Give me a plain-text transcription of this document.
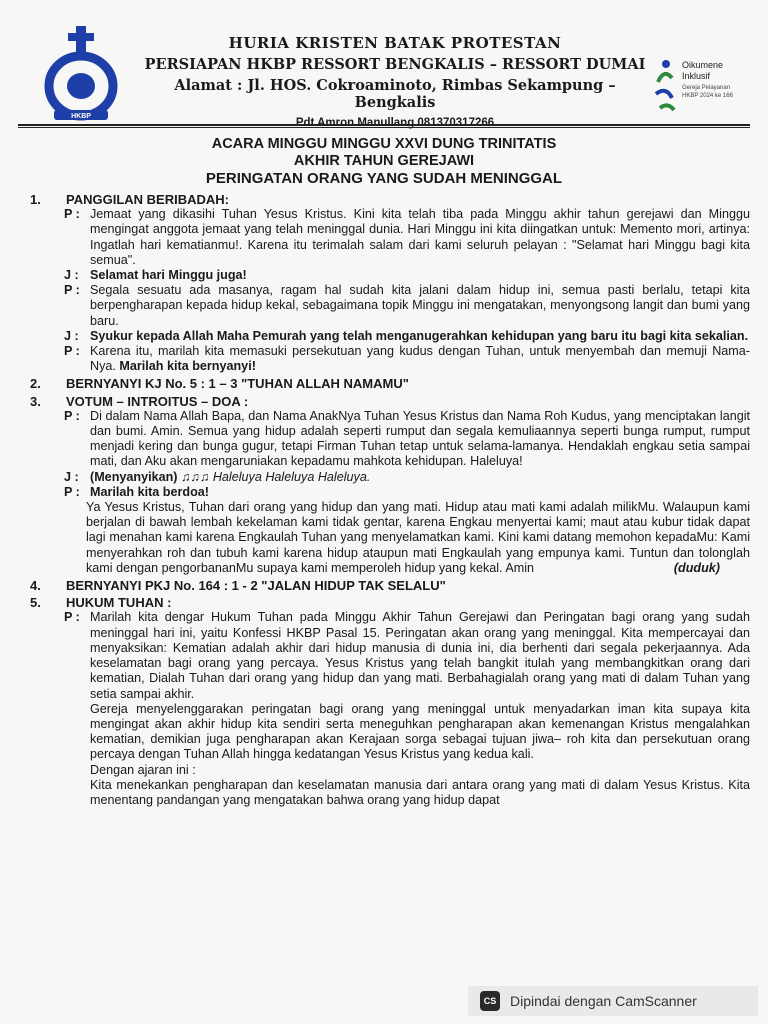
HKBP
HURIA KRISTEN BATAK PROTESTAN
PERSIAPAN HKBP RESSORT BENGKALIS – RESSORT DUMAI
Alamat : Jl. HOS. Cokroaminoto, Rimbas Sekampung – Bengkalis
Pdt Amron Manullang 081370317266
Oikumene
Inklusif
Gereja Pelayanan
HKBP 2024 ke 166
ACARA MINGGU MINGGU XXVI DUNG TRINITATIS
AKHIR TAHUN GEREJAWI
PERINGATAN ORANG YANG SUDAH MENINGGAL
1.	PANGGILAN BERIBADAH:
P : Jemaat yang dikasihi Tuhan Yesus Kristus. Kini kita telah tiba pada Minggu akhir tahun gerejawi dan Minggu mengingat anggota jemaat yang telah meninggal dunia. Hari Minggu ini kita diingatkan untuk: Memento mori, artinya: Ingatlah hari kematianmu!. Karena itu terimalah salam dari kami seluruh pelayan : "Selamat hari Minggu bagi kita semua".
J : Selamat hari Minggu juga!
P : Segala sesuatu ada masanya, ragam hal sudah kita jalani dalam hidup ini, semua pasti berlalu, tetapi kita berpengharapan kepada hidup kekal, sebagaimana topik Minggu ini mengatakan, menyongsong langit dan bumi yang baru.
J : Syukur kepada Allah Maha Pemurah yang telah menganugerahkan kehidupan yang baru itu bagi kita sekalian.
P : Karena itu, marilah kita memasuki persekutuan yang kudus dengan Tuhan, untuk menyembah dan memuji Nama-Nya. Marilah kita bernyanyi!
2.	BERNYANYI KJ No. 5 : 1 – 3 "TUHAN ALLAH NAMAMU"
3.	VOTUM – INTROITUS – DOA :
P : Di dalam Nama Allah Bapa, dan Nama AnakNya Tuhan Yesus Kristus dan Nama Roh Kudus, yang menciptakan langit dan bumi. Amin. Semua yang hidup adalah seperti rumput dan segala kemuliaannya seperti bunga rumput, rumput menjadi kering dan bunga gugur, tetapi Firman Tuhan tetap untuk selama-lamanya. Hendaklah engkau setia sampai mati, dan Aku akan mengaruniakan kepadamu mahkota kehidupan. Haleluya!
J : (Menyanyikan) ♫♫♫ Haleluya Haleluya Haleluya.
P : Marilah kita berdoa!
Ya Yesus Kristus, Tuhan dari orang yang hidup dan yang mati. Hidup atau mati kami adalah milikMu. Walaupun kami berjalan di bawah lembah kekelaman kami tidak gentar, karena Engkau menyertai kami; maut atau kubur tidak dapat lagi menahan kami karena Engkaulah Tuhan yang menyelamatkan kami. Kini kami datang memohon kepadaMu: Kami menyerahkan roh dan tubuh kami karena hidup ataupun mati Engkaulah yang empunya kami. Tuntun dan tolonglah kami dengan pengorbananMu supaya kami memperoleh hidup yang kekal. Amin	(duduk)
4.	BERNYANYI PKJ No. 164 : 1 - 2 "JALAN HIDUP TAK SELALU"
5.	HUKUM TUHAN :
P : Marilah kita dengar Hukum Tuhan pada Minggu Akhir Tahun Gerejawi dan Peringatan bagi orang yang sudah meninggal hari ini, yaitu Konfessi HKBP Pasal 15. Peringatan akan orang yang meninggal. Kita mempercayai dan menyaksikan: Kematian adalah akhir dari hidup manusia di dunia ini, dia berhenti dari segala pekerjaannya. Ada keselamatan bagi orang yang percaya. Yesus Kristus yang telah bangkit itulah yang membangkitkan orang dari kematian, Dialah Tuhan dari orang yang hidup dan yang mati. Berbahagialah orang yang mati di dalam Tuhan yang setia sampai akhir.
Gereja menyelenggarakan peringatan bagi orang yang meninggal untuk menyadarkan iman kita supaya kita mengingat akan akhir hidup kita sendiri serta meneguhkan pengharapan akan kemenangan Kristus mengalahkan kematian, demikian juga pengharapan akan Kerajaan sorga sebagai tujuan jiwa– roh kita dan persekutuan orang percaya dengan Tuhan Allah hingga kedatangan Yesus Kristus yang kedua kali.
Dengan ajaran ini :
Kita menekankan pengharapan dan keselamatan manusia dari antara orang yang mati di dalam Yesus Kristus. Kita menentang pandangan yang mengatakan bahwa orang yang hidup dapat
CS Dipindai dengan CamScanner
